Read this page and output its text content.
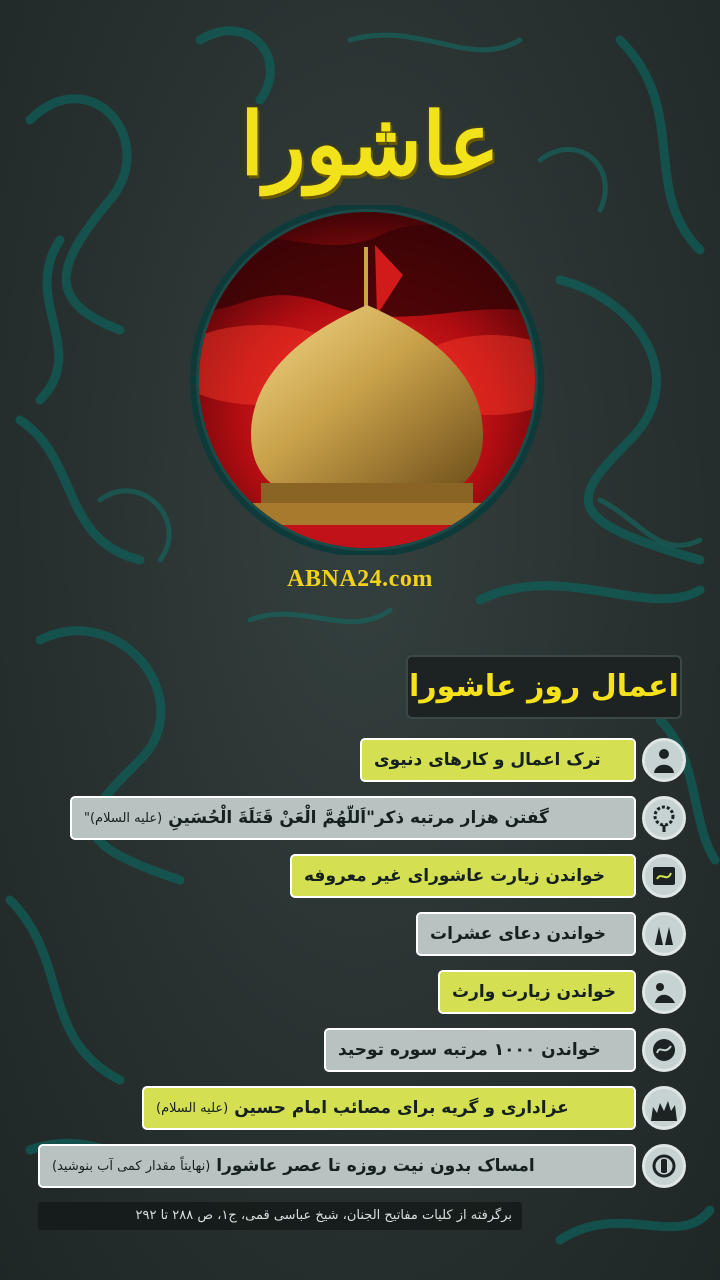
عاشورا
ABNA24.com
اعمال روز عاشورا
ترک اعمال و کارهای دنیوی
گفتن هزار مرتبه ذکر"اَللّهُمَّ الْعَنْ قَتَلَةَ الْحُسَینِ
(علیه السلام)"
خواندن زیارت عاشورای غیر معروفه
خواندن دعای عشرات
خواندن زیارت وارث
خواندن ۱۰۰۰ مرتبه سوره توحید
عزاداری و گریه برای مصائب امام حسین
(علیه السلام)
امساک بدون نیت روزه تا عصر عاشورا
(نهایتاً مقدار کمی آب بنوشید)
برگرفته از کلیات مفاتیح الجنان، شیخ عباسی قمی، ج۱، ص ۲۸۸ تا ۲۹۲
